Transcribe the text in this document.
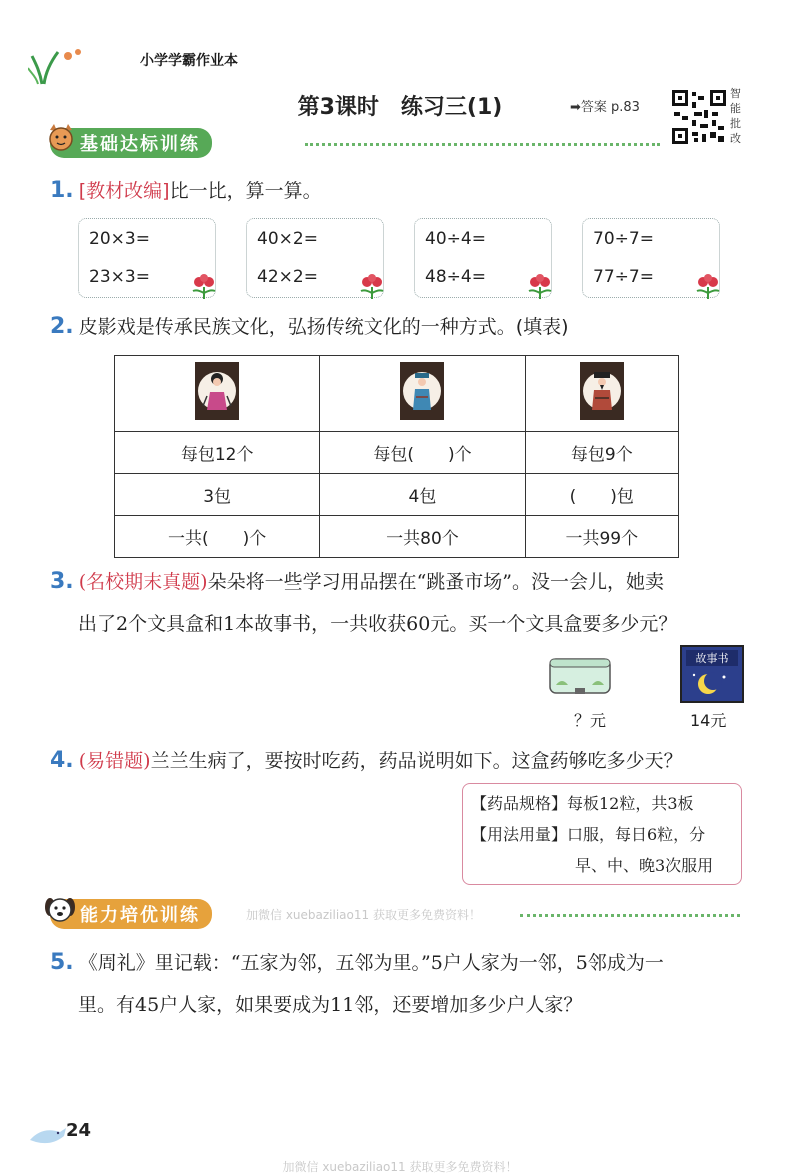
小学学霸作业本
第3课时　练习三(1)	➡答案 p.83
智能批改
基础达标训练
1. [教材改编]比一比，算一算。
20×3=
23×3=
40×2=
42×2=
40÷4=
48÷4=
70÷7=
77÷7=
2. 皮影戏是传承民族文化，弘扬传统文化的一种方式。(填表)

每包12个	每包(　　)个	每包9个
3包	4包	(　　)包
一共(　　)个	一共80个	一共99个
3. (名校期末真题)朵朵将一些学习用品摆在“跳蚤市场”。没一会儿，她卖
出了2个文具盒和1本故事书，一共收获60元。买一个文具盒要多少元？
？元
故事书
14元
4. (易错题)兰兰生病了，要按时吃药，药品说明如下。这盒药够吃多少天？
【药品规格】每板12粒，共3板
【用法用量】口服，每日6粒，分
早、中、晚3次服用
能力培优训练	加微信 xuebaziliao11 获取更多免费资料！
5. 《周礼》里记载：“五家为邻，五邻为里。”5户人家为一邻，5邻成为一
里。有45户人家，如果要成为11邻，还要增加多少户人家？
24
加微信 xuebaziliao11 获取更多免费资料！
